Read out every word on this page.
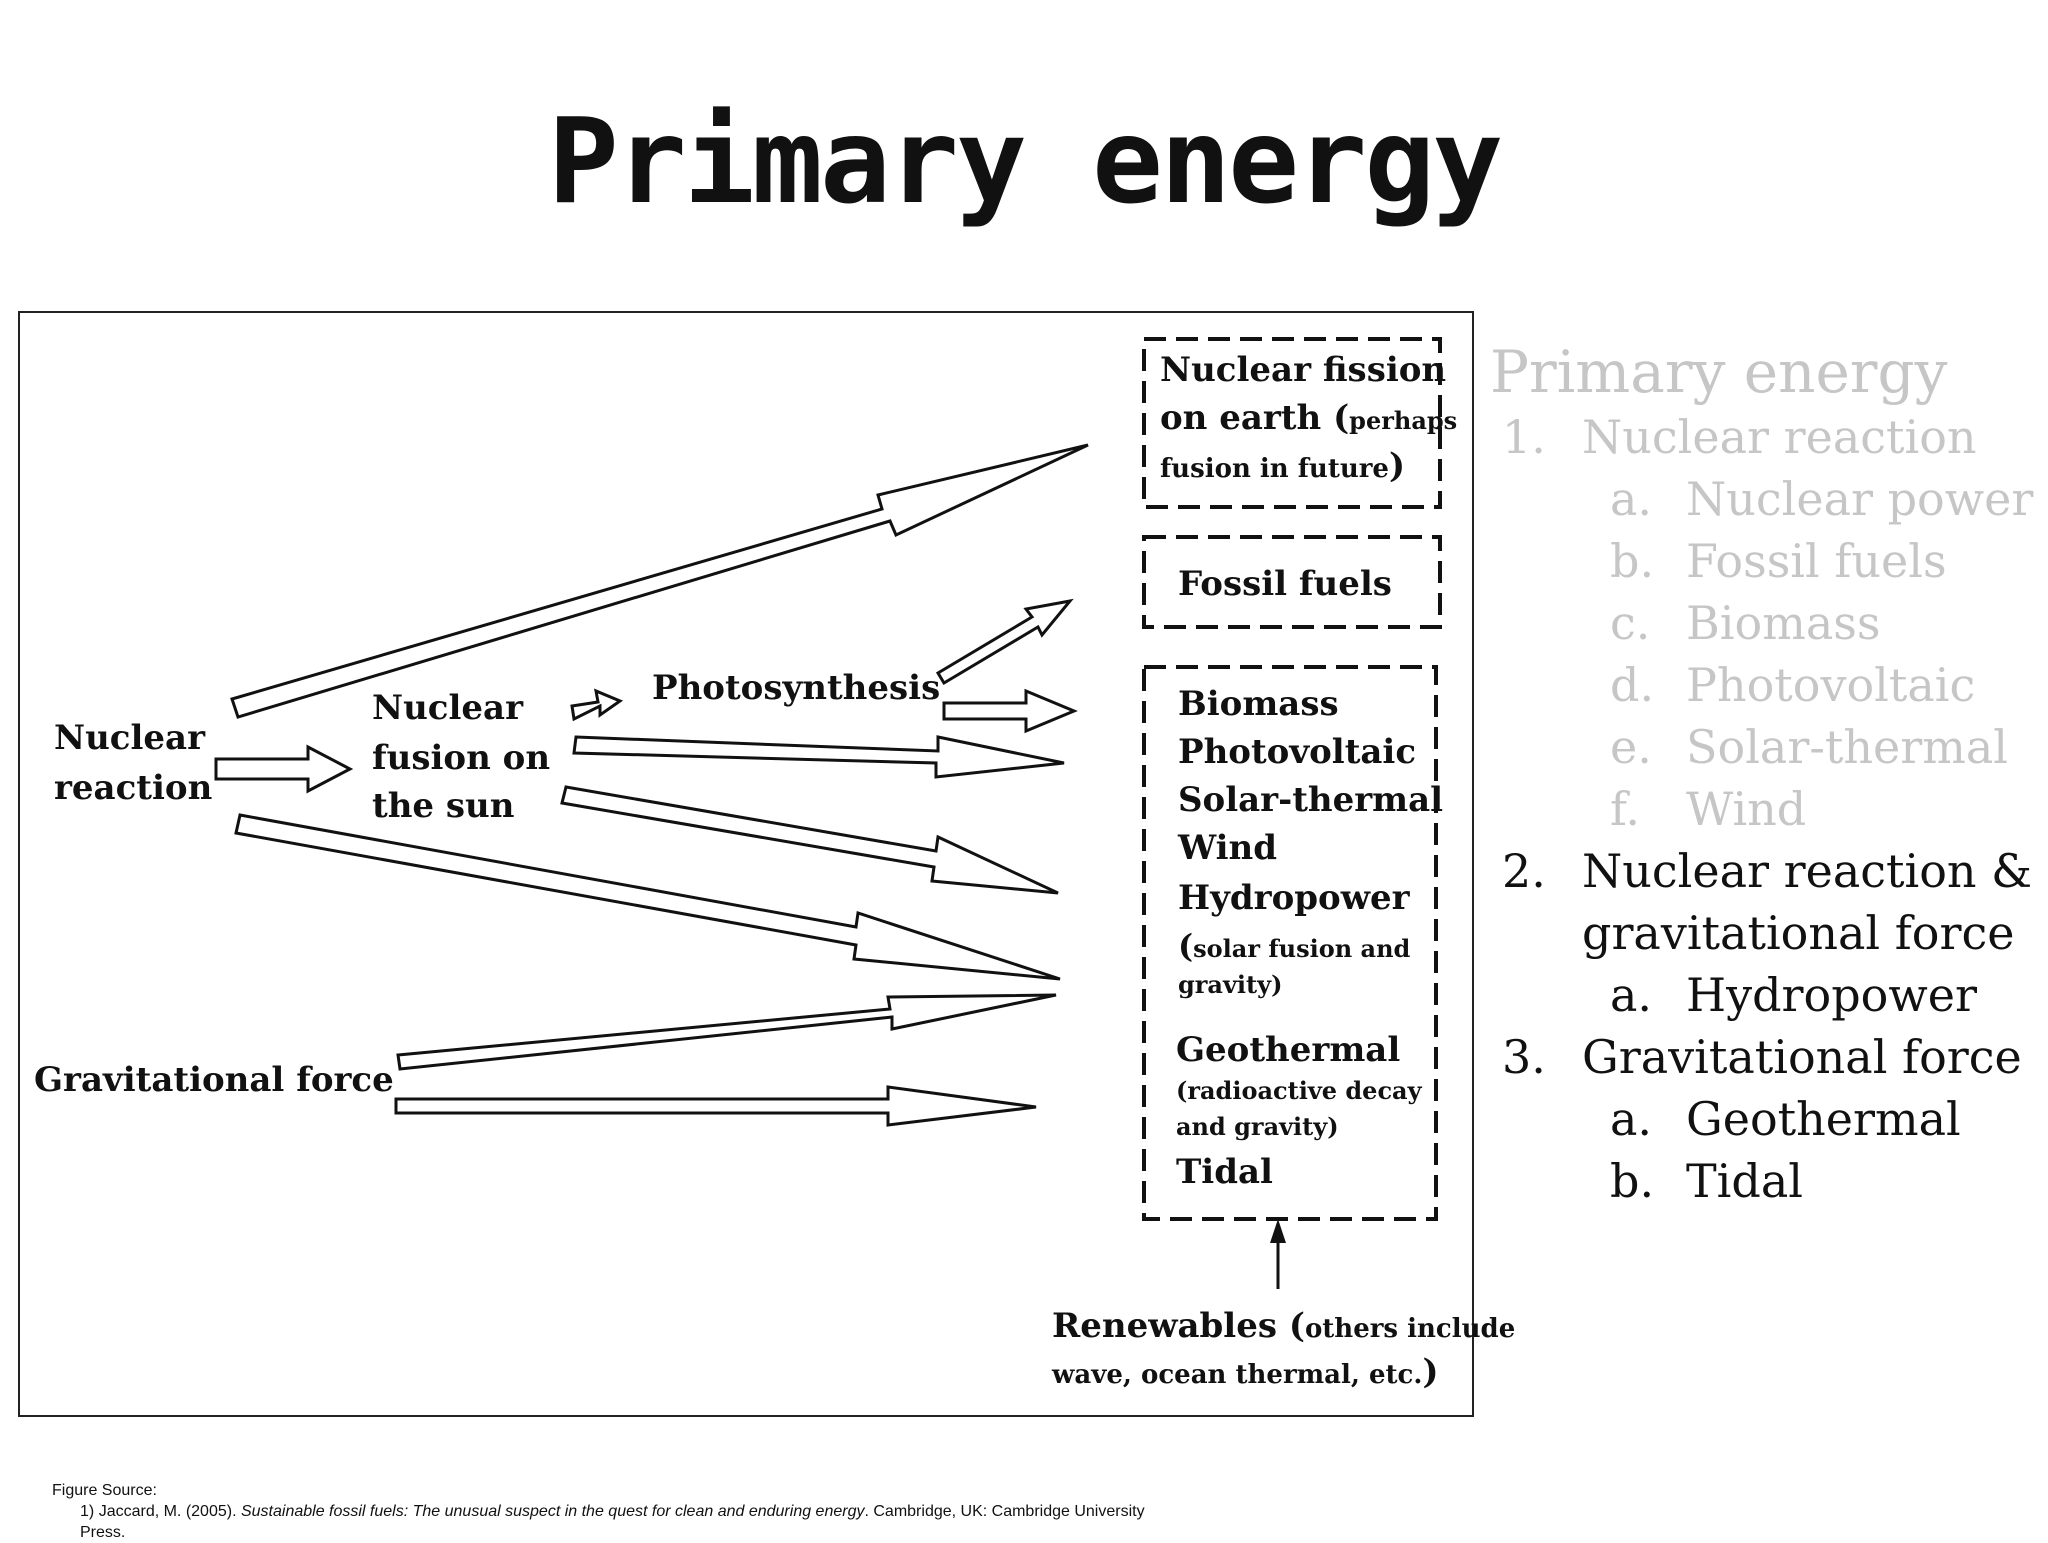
Primary energy
Nuclear
reaction
Gravitational force
Nuclear
fusion on
the sun
Photosynthesis
Nuclear fission
on earth (perhaps
fusion in future)
Fossil fuels
Biomass
Photovoltaic
Solar-thermal
Wind
Hydropower
(solar fusion and
gravity)
Geothermal
(radioactive decay
and gravity)
Tidal
Renewables (others include
wave, ocean thermal, etc.)
Primary energy
1. Nuclear reaction
a. Nuclear power
b. Fossil fuels
c. Biomass
d. Photovoltaic
e. Solar-thermal
f. Wind
2. Nuclear reaction &
gravitational force
a. Hydropower
3. Gravitational force
a. Geothermal
b. Tidal
Figure Source:
1) Jaccard, M. (2005). Sustainable fossil fuels: The unusual suspect in the quest for clean and enduring energy. Cambridge, UK: Cambridge University
Press.
